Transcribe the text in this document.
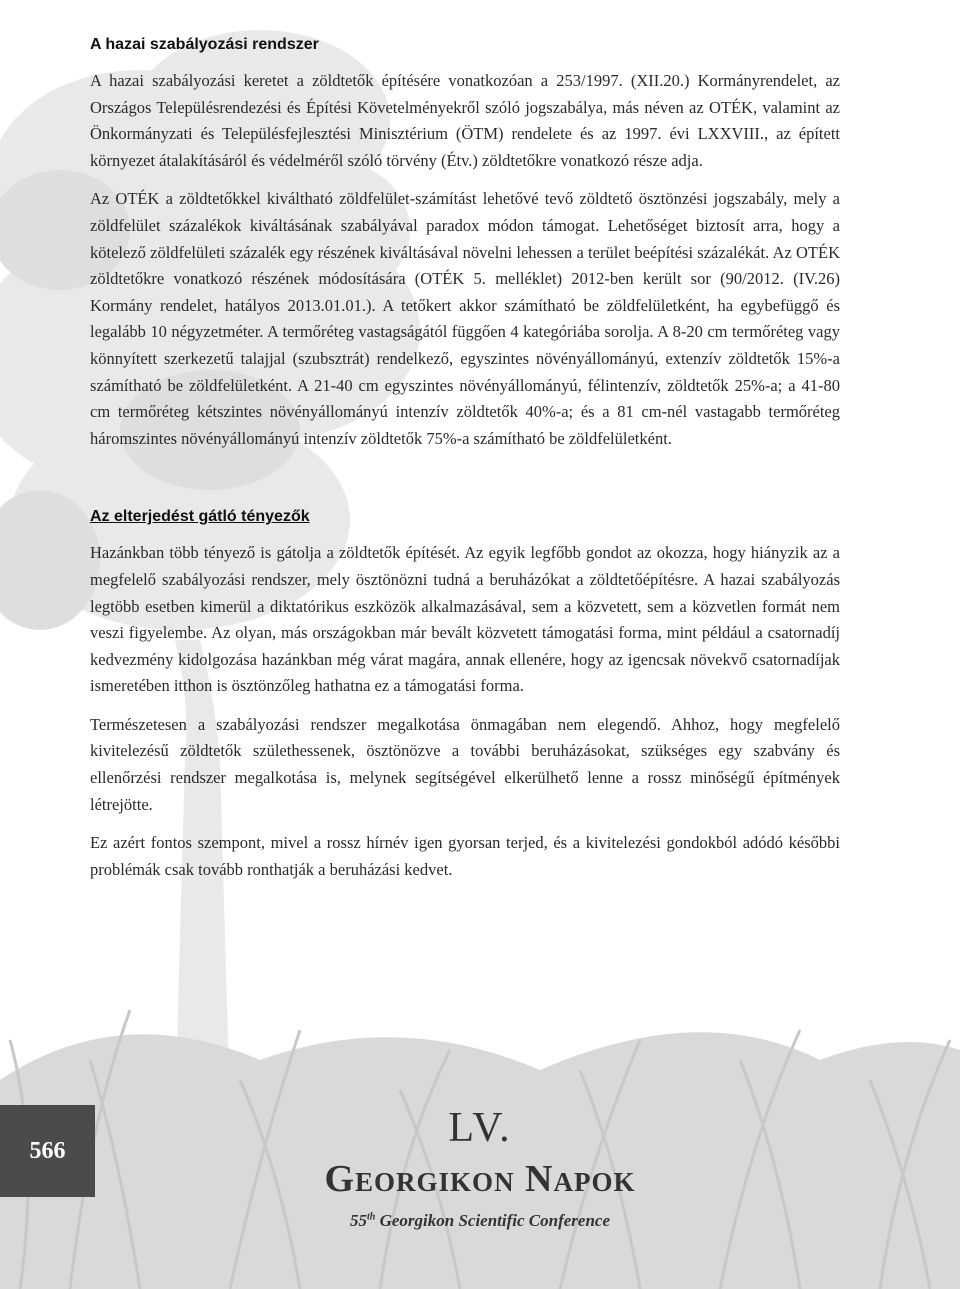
A hazai szabályozási rendszer

A hazai szabályozási keretet a zöldtetők építésére vonatkozóan a 253/1997. (XII.20.) Kormányrendelet, az Országos Településrendezési és Építési Követelményekről szóló jogszabálya, más néven az OTÉK, valamint az Önkormányzati és Településfejlesztési Minisztérium (ÖTM) rendelete és az 1997. évi LXXVIII., az épített környezet átalakításáról és védelméről szóló törvény (Étv.) zöldtetőkre vonatkozó része adja.

Az OTÉK a zöldtetőkkel kiváltható zöldfelület-számítást lehetővé tevő zöldtető ösztönzési jogszabály, mely a zöldfelület százalékok kiváltásának szabályával paradox módon támogat. Lehetőséget biztosít arra, hogy a kötelező zöldfelületi százalék egy részének kiváltásával növelni lehessen a terület beépítési százalékát. Az OTÉK zöldtetőkre vonatkozó részének módosítására (OTÉK 5. melléklet) 2012-ben került sor (90/2012. (IV.26) Kormány rendelet, hatályos 2013.01.01.). A tetőkert akkor számítható be zöldfelületként, ha egybefüggő és legalább 10 négyzetméter. A termőréteg vastagságától függően 4 kategóriába sorolja. A 8-20 cm termőréteg vagy könnyített szerkezetű talajjal (szubsztrát) rendelkező, egyszintes növényállományú, extenzív zöldtetők 15%-a számítható be zöldfelületként. A 21-40 cm egyszintes növényállományú, félintenzív, zöldtetők 25%-a; a 41-80 cm termőréteg kétszintes növényállományú intenzív zöldtetők 40%-a; és a 81 cm-nél vastagabb termőréteg háromszintes növényállományú intenzív zöldtetők 75%-a számítható be zöldfelületként.

Az elterjedést gátló tényezők

Hazánkban több tényező is gátolja a zöldtetők építését. Az egyik legfőbb gondot az okozza, hogy hiányzik az a megfelelő szabályozási rendszer, mely ösztönözni tudná a beruházókat a zöldtetőépítésre. A hazai szabályozás legtöbb esetben kimerül a diktatórikus eszközök alkalmazásával, sem a közvetett, sem a közvetlen formát nem veszi figyelembe. Az olyan, más országokban már bevált közvetett támogatási forma, mint például a csatornadíj kedvezmény kidolgozása hazánkban még várat magára, annak ellenére, hogy az igencsak növekvő csatornadíjak ismeretében itthon is ösztönzőleg hathatna ez a támogatási forma.

Természetesen a szabályozási rendszer megalkotása önmagában nem elegendő. Ahhoz, hogy megfelelő kivitelezésű zöldtetők születhessenek, ösztönözve a további beruházásokat, szükséges egy szabvány és ellenőrzési rendszer megalkotása is, melynek segítségével elkerülhető lenne a rossz minőségű építmények létrejötte.

Ez azért fontos szempont, mivel a rossz hírnév igen gyorsan terjed, és a kivitelezési gondokból adódó későbbi problémák csak tovább ronthatják a beruházási kedvet.

566	LV.
Georgikon Napok
55th Georgikon Scientific Conference
